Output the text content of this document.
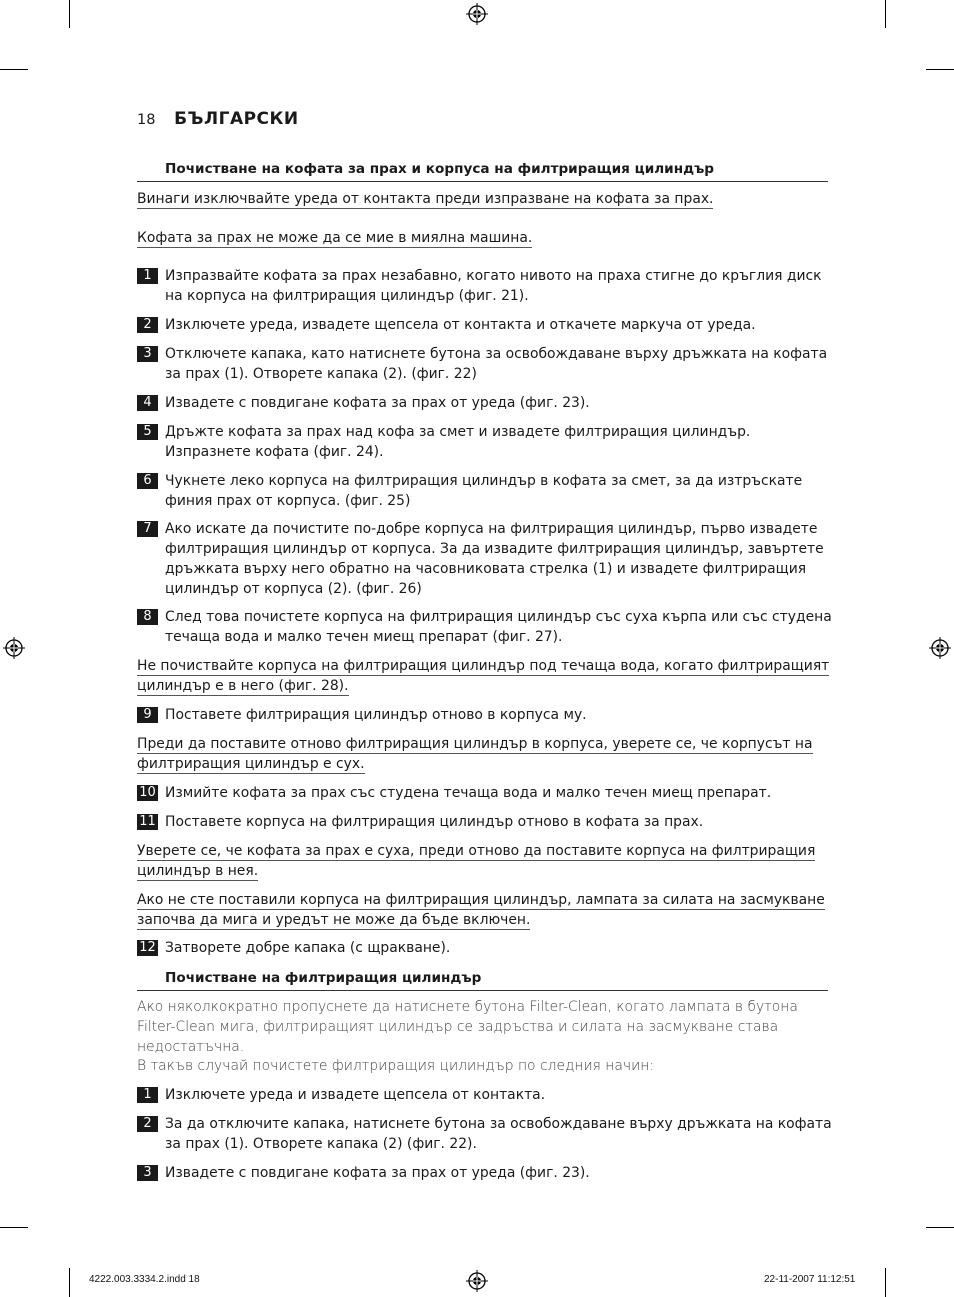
18 БЪЛГАРСКИ
Почистване на кофата за прах и корпуса на филтриращия цилиндър
Винаги изключвайте уреда от контакта преди изпразване на кофата за прах.
Кофата за прах не може да се мие в миялна машина.
1 Изпразвайте кофата за прах незабавно, когато нивото на праха стигне до кръглия диск на корпуса на филтриращия цилиндър (фиг. 21).
2 Изключете уреда, извадете щепсела от контакта и откачете маркуча от уреда.
3 Отключете капака, като натиснете бутона за освобождаване върху дръжката на кофата за прах (1). Отворете капака (2). (фиг. 22)
4 Извадете с повдигане кофата за прах от уреда (фиг. 23).
5 Дръжте кофата за прах над кофа за смет и извадете филтриращия цилиндър. Изпразнете кофата (фиг. 24).
6 Чукнете леко корпуса на филтриращия цилиндър в кофата за смет, за да изтръскате финия прах от корпуса. (фиг. 25)
7 Ако искате да почистите по-добре корпуса на филтриращия цилиндър, първо извадете филтриращия цилиндър от корпуса. За да извадите филтриращия цилиндър, завъртете дръжката върху него обратно на часовниковата стрелка (1) и извадете филтриращия цилиндър от корпуса (2). (фиг. 26)
8 След това почистете корпуса на филтриращия цилиндър със суха кърпа или със студена течаща вода и малко течен миещ препарат (фиг. 27).
Не почиствайте корпуса на филтриращия цилиндър под течаща вода, когато филтриращият цилиндър е в него (фиг. 28).
9 Поставете филтриращия цилиндър отново в корпуса му.
Преди да поставите отново филтриращия цилиндър в корпуса, уверете се, че корпусът на филтриращия цилиндър е сух.
10 Измийте кофата за прах със студена течаща вода и малко течен миещ препарат.
11 Поставете корпуса на филтриращия цилиндър отново в кофата за прах.
Уверете се, че кофата за прах е суха, преди отново да поставите корпуса на филтриращия цилиндър в нея.
Ако не сте поставили корпуса на филтриращия цилиндър, лампата за силата на засмукване започва да мига и уредът не може да бъде включен.
12 Затворете добре капака (с щракване).
Почистване на филтриращия цилиндър
Ако няколкократно пропуснете да натиснете бутона Filter-Clean, когато лампата в бутона Filter-Clean мига, филтриращият цилиндър се задръства и силата на засмукване става недостатъчна.
В такъв случай почистете филтриращия цилиндър по следния начин:
1 Изключете уреда и извадете щепсела от контакта.
2 За да отключите капака, натиснете бутона за освобождаване върху дръжката на кофата за прах (1). Отворете капака (2) (фиг. 22).
3 Извадете с повдигане кофата за прах от уреда (фиг. 23).
4222.003.3334.2.indd 18	22-11-2007 11:12:51
